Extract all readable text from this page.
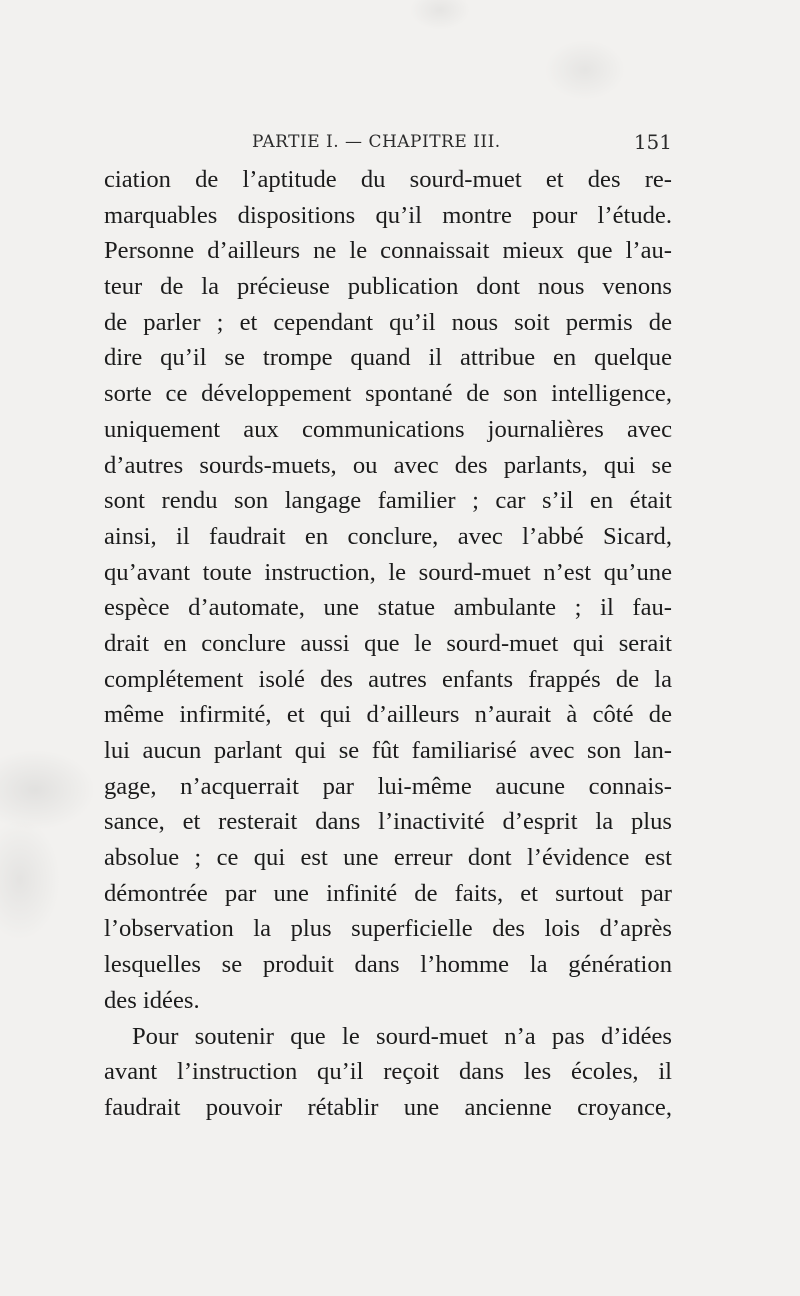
PARTIE I. — CHAPITRE III.	151
ciation de l’aptitude du sourd-muet et des re-
marquables dispositions qu’il montre pour l’étude.
Personne d’ailleurs ne le connaissait mieux que l’au-
teur de la précieuse publication dont nous venons
de parler ; et cependant qu’il nous soit permis de
dire qu’il se trompe quand il attribue en quelque
sorte ce développement spontané de son intelligence,
uniquement aux communications journalières avec
d’autres sourds-muets, ou avec des parlants, qui se
sont rendu son langage familier ; car s’il en était
ainsi, il faudrait en conclure, avec l’abbé Sicard,
qu’avant toute instruction, le sourd-muet n’est qu’une
espèce d’automate, une statue ambulante ; il fau-
drait en conclure aussi que le sourd-muet qui serait
complétement isolé des autres enfants frappés de la
même infirmité, et qui d’ailleurs n’aurait à côté de
lui aucun parlant qui se fût familiarisé avec son lan-
gage, n’acquerrait par lui-même aucune connais-
sance, et resterait dans l’inactivité d’esprit la plus
absolue ; ce qui est une erreur dont l’évidence est
démontrée par une infinité de faits, et surtout par
l’observation la plus superficielle des lois d’après
lesquelles se produit dans l’homme la génération
des idées.
Pour soutenir que le sourd-muet n’a pas d’idées
avant l’instruction qu’il reçoit dans les écoles, il
faudrait pouvoir rétablir une ancienne croyance,
